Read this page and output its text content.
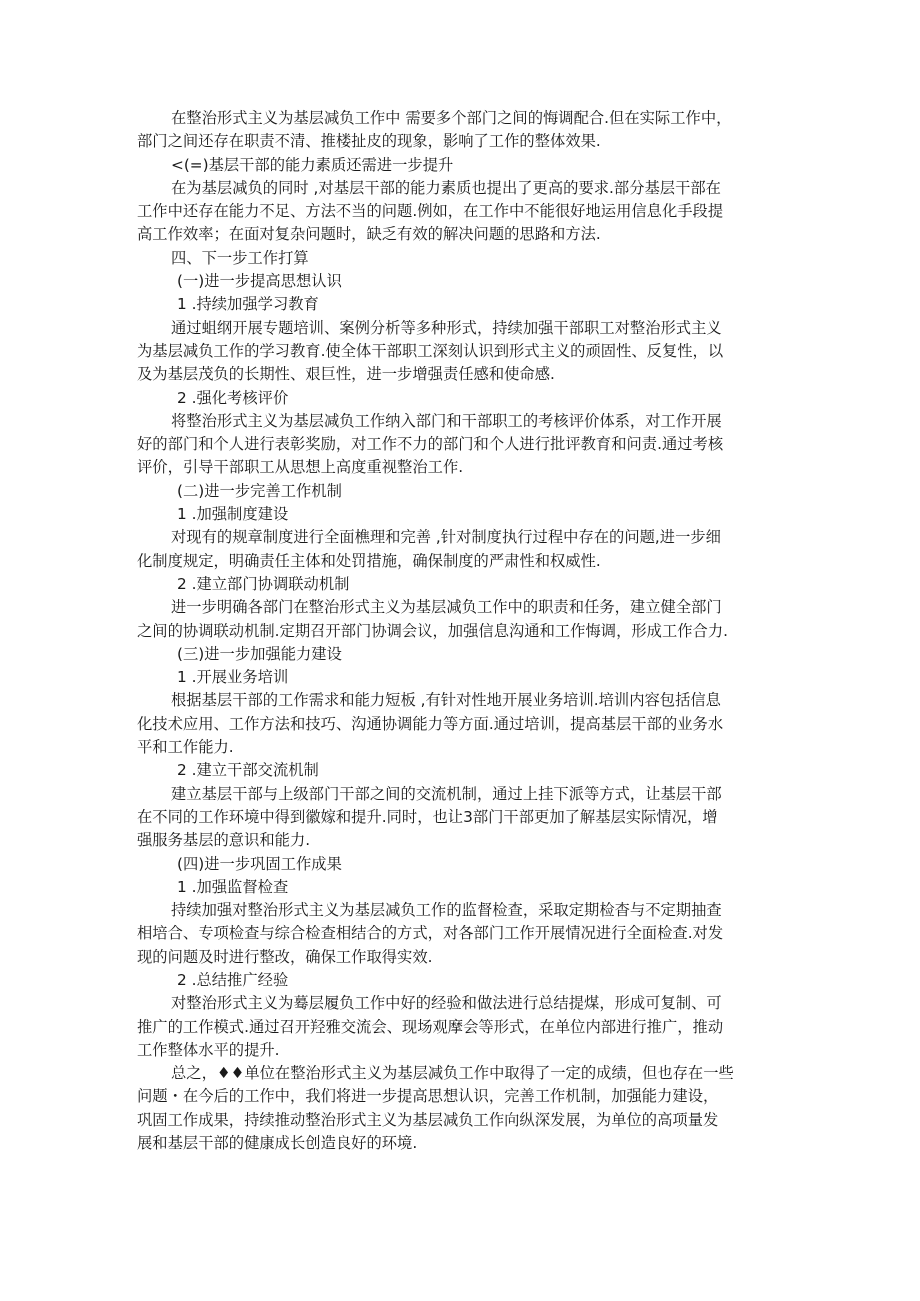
在整治形式主义为基层减负工作中 需要多个部门之间的悔调配合.但在实际工作中，
部门之间还存在职责不清、推楼扯皮的现象，影响了工作的整体效果.
<(=)基层干部的能力素质还需进一步提升
在为基层减负的同时 ,对基层干部的能力素质也提出了更高的要求.部分基层干部在
工作中还存在能力不足、方法不当的问题.例如，在工作中不能很好地运用信息化手段提
高工作效率；在面对复杂问题时，缺乏有效的解决问题的思路和方法.
四、下一步工作打算
(一)进一步提高思想认识
1 .持续加强学习教育
通过蛆纲开展专题培训、案例分析等多种形式，持续加强干部职工对整治形式主义
为基层减负工作的学习教育.使全体干部职工深刻认识到形式主义的顽固性、反复性，以
及为基层茂负的长期性、艰巨性，进一步增强责任感和使命感.
2 .强化考核评价
将整治形式主义为基层减负工作纳入部门和干部职工的考核评价体系，对工作开展
好的部门和个人进行表彰奖励，对工作不力的部门和个人进行批评教育和问责.通过考核
评价，引导干部职工从思想上高度重视整治工作.
(二)进一步完善工作机制
1 .加强制度建设
对现有的规章制度进行全面樵理和完善 ,针对制度执行过程中存在的问题,进一步细
化制度规定，明确责任主体和处罚措施，确保制度的严肃性和权威性.
2 .建立部门协调联动机制
进一步明确各部门在整治形式主义为基层减负工作中的职责和任务，建立健全部门
之间的协调联动机制.定期召开部门协调会议，加强信息沟通和工作悔调，形成工作合力.
(三)进一步加强能力建设
1 .开展业务培训
根据基层干部的工作需求和能力短板 ,有针对性地开展业务培训.培训内容包括信息
化技术应用、工作方法和技巧、沟通协调能力等方面.通过培训，提高基层干部的业务水
平和工作能力.
2 .建立干部交流机制
建立基层干部与上级部门干部之间的交流机制，通过上挂下派等方式，让基层干部
在不同的工作环境中得到徽嫁和提升.同时，也让3部门干部更加了解基层实际情况，增
强服务基层的意识和能力.
(四)进一步巩固工作成果
1 .加强监督检查
持续加强对整治形式主义为基层减负工作的监督检查，采取定期检杳与不定期抽查
相培合、专项检查与综合检查相结合的方式，对各部门工作开展情况进行全面检查.对发
现的问题及时进行整改，确保工作取得实效.
2 .总结推广经验
对整治形式主义为蓦层履负工作中好的经验和做法进行总结提煤，形成可复制、可
推广的工作模式.通过召开羟雅交流会、现场观摩会等形式，在单位内部进行推广，推动
工作整体水平的提升.
总之，♦♦单位在整治形式主义为基层减负工作中取得了一定的成绩，但也存在一些
问题・在今后的工作中，我们将进一步提高思想认识，完善工作机制，加强能力建设，
巩固工作成果，持续推动整治形式主义为基层减负工作向纵深发展，为单位的高项量发
展和基层干部的健康成长创造良好的环境.
